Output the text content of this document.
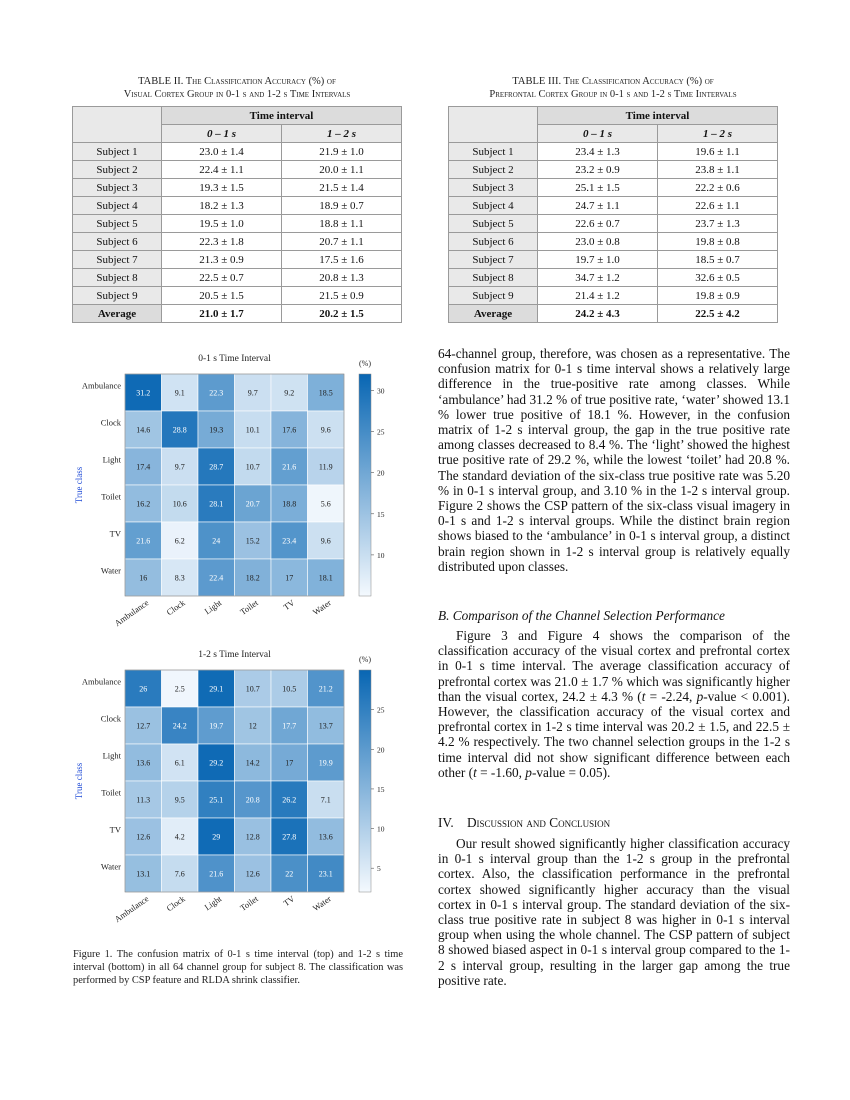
TABLE II. The Classification Accuracy (%) of
Visual Cortex Group in 0-1 s and 1-2 s Time Intervals
	Time interval	
	0 – 1 s	1 – 2 s
Subject 1	23.0 ± 1.4	21.9 ± 1.0
Subject 2	22.4 ± 1.1	20.0 ± 1.1
Subject 3	19.3 ± 1.5	21.5 ± 1.4
Subject 4	18.2 ± 1.3	18.9 ± 0.7
Subject 5	19.5 ± 1.0	18.8 ± 1.1
Subject 6	22.3 ± 1.8	20.7 ± 1.1
Subject 7	21.3 ± 0.9	17.5 ± 1.6
Subject 8	22.5 ± 0.7	20.8 ± 1.3
Subject 9	20.5 ± 1.5	21.5 ± 0.9
Average	21.0 ± 1.7	20.2 ± 1.5
TABLE III. The Classification Accuracy (%) of
Prefrontal Cortex Group in 0-1 s and 1-2 s Time Iintervals
	Time interval	
	0 – 1 s	1 – 2 s
Subject 1	23.4 ± 1.3	19.6 ± 1.1
Subject 2	23.2 ± 0.9	23.8 ± 1.1
Subject 3	25.1 ± 1.5	22.2 ± 0.6
Subject 4	24.7 ± 1.1	22.6 ± 1.1
Subject 5	22.6 ± 0.7	23.7 ± 1.3
Subject 6	23.0 ± 0.8	19.8 ± 0.8
Subject 7	19.7 ± 1.0	18.5 ± 0.7
Subject 8	34.7 ± 1.2	32.6 ± 0.5
Subject 9	21.4 ± 1.2	19.8 ± 0.9
Average	24.2 ± 4.3	22.5 ± 4.2
0-1 s Time Interval
31.2	9.1	22.3	9.7	9.2	18.5
14.6	28.8	19.3	10.1	17.6	9.6
17.4	9.7	28.7	10.7	21.6	11.9
16.2	10.6	28.1	20.7	18.8	5.6
21.6	6.2	24	15.2	23.4	9.6
16	8.3	22.4	18.2	17	18.1
Ambulance
Clock
Light
Toilet
TV
Water
Ambulance Clock Light Toilet	TV Water
True class
(%)
10
15
20
25
30
1-2 s Time Interval
26	2.5	29.1	10.7	10.5	21.2
12.7	24.2	19.7	12	17.7	13.7
13.6	6.1	29.2	14.2	17	19.9
11.3	9.5	25.1	20.8	26.2	7.1
12.6	4.2	29	12.8	27.8	13.6
13.1	7.6	21.6	12.6	22	23.1
Ambulance
Clock
Light
Toilet
TV
Water
Ambulance Clock Light Toilet	TV Water
True class
(%)
5
10
15
20
25
Figure 1. The confusion matrix of 0-1 s time interval (top) and 1-2 s time interval (bottom) in all 64 channel group for subject 8. The classification was performed by CSP feature and RLDA shrink classifier.

64-channel group, therefore, was chosen as a representative. The confusion matrix for 0-1 s time interval shows a relatively large difference in the true-positive rate among classes. While ‘ambulance’ had 31.2 % of true positive rate, ‘water’ showed 13.1 % lower true positive of 18.1 %. However, in the confusion matrix of 1-2 s interval group, the gap in the true positive rate among classes decreased to 8.4 %. The ‘light’ showed the highest true positive rate of 29.2 %, while the lowest ‘toilet’ had 20.8 %. The standard deviation of the six-class true positive rate was 5.20 % in 0-1 s interval group, and 3.10 % in the 1-2 s interval group. Figure 2 shows the CSP pattern of the six-class visual imagery in 0-1 s and 1-2 s interval groups. While the distinct brain region shows biased to the ‘ambulance’ in 0-1 s interval group, a distinct brain region shown in 1-2 s interval group is relatively equally distributed upon classes.

B. Comparison of the Channel Selection Performance

Figure 3 and Figure 4 shows the comparison of the classification accuracy of the visual cortex and prefrontal cortex in 0-1 s time interval. The average classification accuracy of prefrontal cortex was 21.0 ± 1.7 % which was significantly higher than the visual cortex, 24.2 ± 4.3 % (t = -2.24, p-value < 0.001). However, the classification accuracy of the visual cortex and prefrontal cortex in 1-2 s time interval was 20.2 ± 1.5, and 22.5 ± 4.2 % respectively. The two channel selection groups in the 1-2 s time interval did not show significant difference between each other (t = -1.60, p-value = 0.05).

IV. Discussion and Conclusion

Our result showed significantly higher classification accuracy in 0-1 s interval group than the 1-2 s group in the prefrontal cortex. Also, the classification performance in the prefrontal cortex showed significantly higher accuracy than the visual cortex in 0-1 s interval group. The standard deviation of the six-class true positive rate in subject 8 was higher in 0-1 s interval group when using the whole channel. The CSP pattern of subject 8 showed biased aspect in 0-1 s interval group compared to the 1-2 s interval group, resulting in the larger gap among the true positive rate.
